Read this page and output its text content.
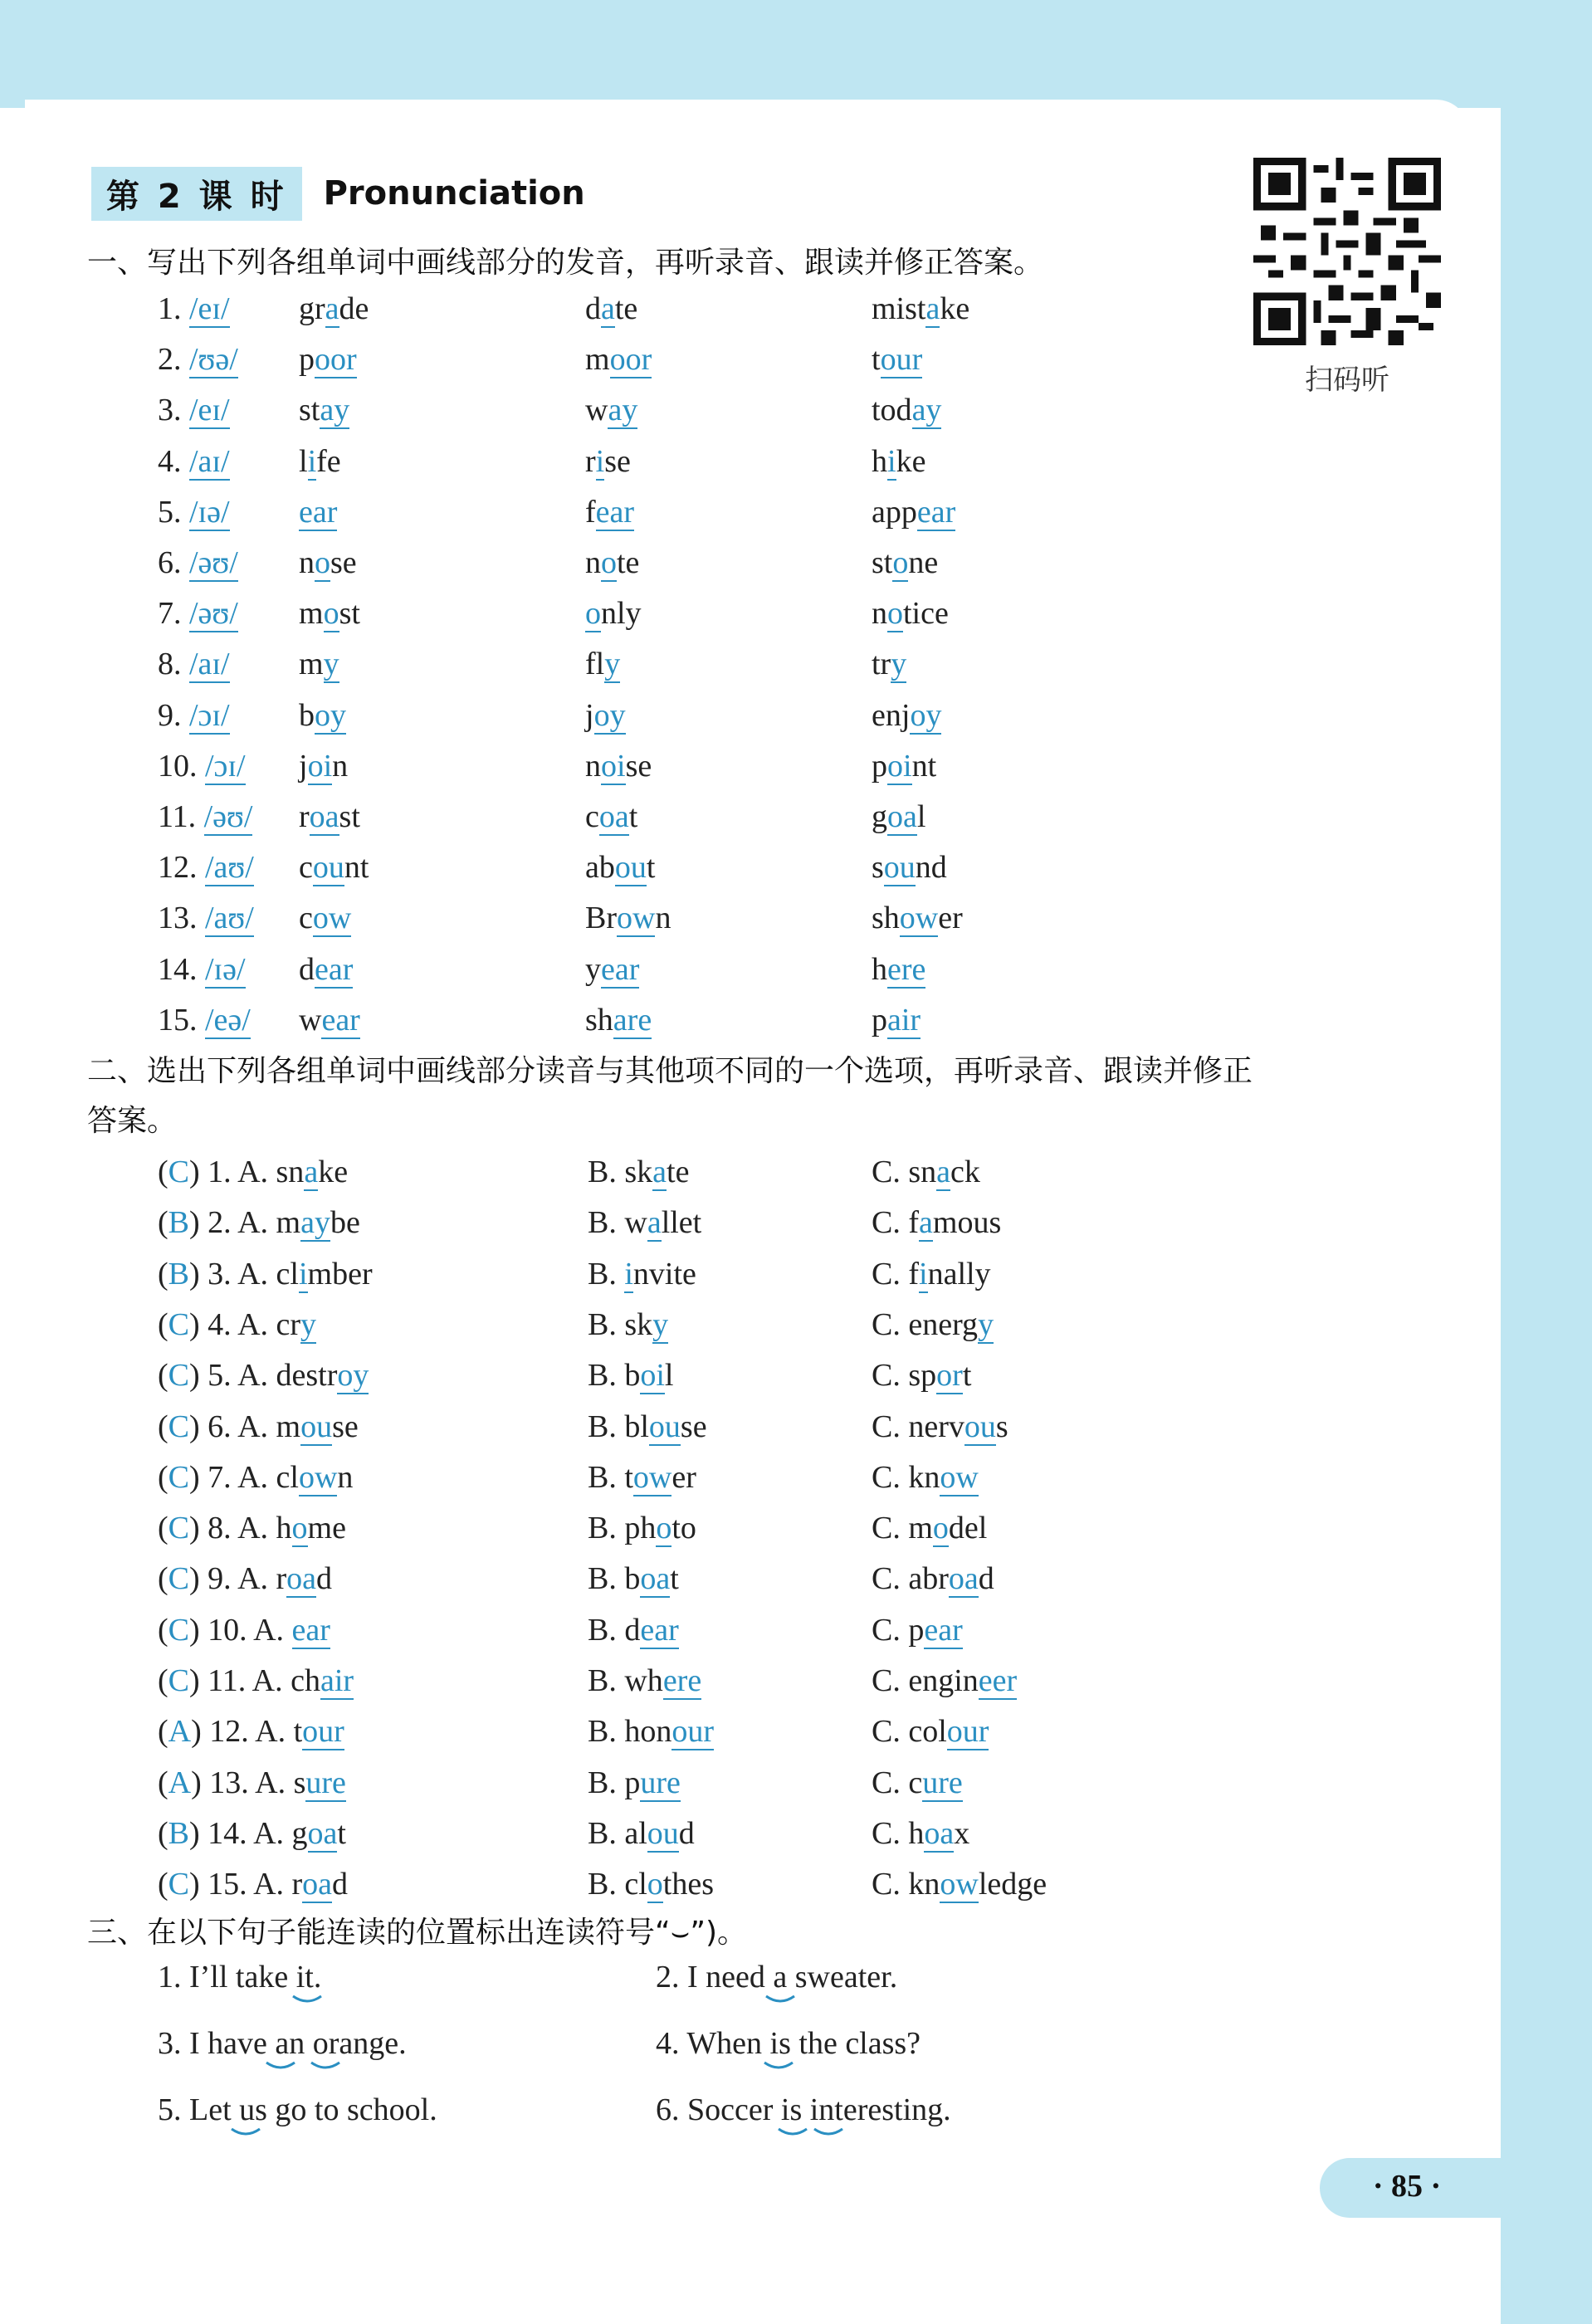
第 2 课 时	Pronunciation
扫码听
一、写出下列各组单词中画线部分的发音，再听录音、跟读并修正答案。
1. /eɪ/ grade	date	mistake
2. /ʊə/ poor	moor	tour
3. /eɪ/ stay	way	today
4. /aɪ/ life	rise	hike
5. /ɪə/ ear	fear	appear
6. /əʊ/ nose	note	stone
7. /əʊ/ most	only	notice
8. /aɪ/ my	fly	try
9. /ɔɪ/ boy	joy	enjoy
10. /ɔɪ/ join	noise	point
11. /əʊ/ roast	coat	goal
12. /aʊ/ count	about	sound
13. /aʊ/ cow	Brown	shower
14. /ɪə/ dear	year	here
15. /eə/ wear	share	pair
二、选出下列各组单词中画线部分读音与其他项不同的一个选项，再听录音、跟读并修正
答案。
(C) 1. A. snake	B. skate	C. snack
(B) 2. A. maybe	B. wallet	C. famous
(B) 3. A. climber	B. invite	C. finally
(C) 4. A. cry	B. sky	C. energy
(C) 5. A. destroy	B. boil	C. sport
(C) 6. A. mouse	B. blouse	C. nervous
(C) 7. A. clown	B. tower	C. know
(C) 8. A. home	B. photo	C. model
(C) 9. A. road	B. boat	C. abroad
(C) 10. A. ear	B. dear	C. pear
(C) 11. A. chair	B. where	C. engineer
(A) 12. A. tour	B. honour	C. colour
(A) 13. A. sure	B. pure	C. cure
(B) 14. A. goat	B. aloud	C. hoax
(C) 15. A. road	B. clothes	C. knowledge
三、在以下句子能连读的位置标出连读符号“⌣”)。
1. I’ll take it.	2. I need a sweater.
3. I have an orange.	4. When is the class?
5. Let us go to school.	6. Soccer is interesting.
· 85 ·
